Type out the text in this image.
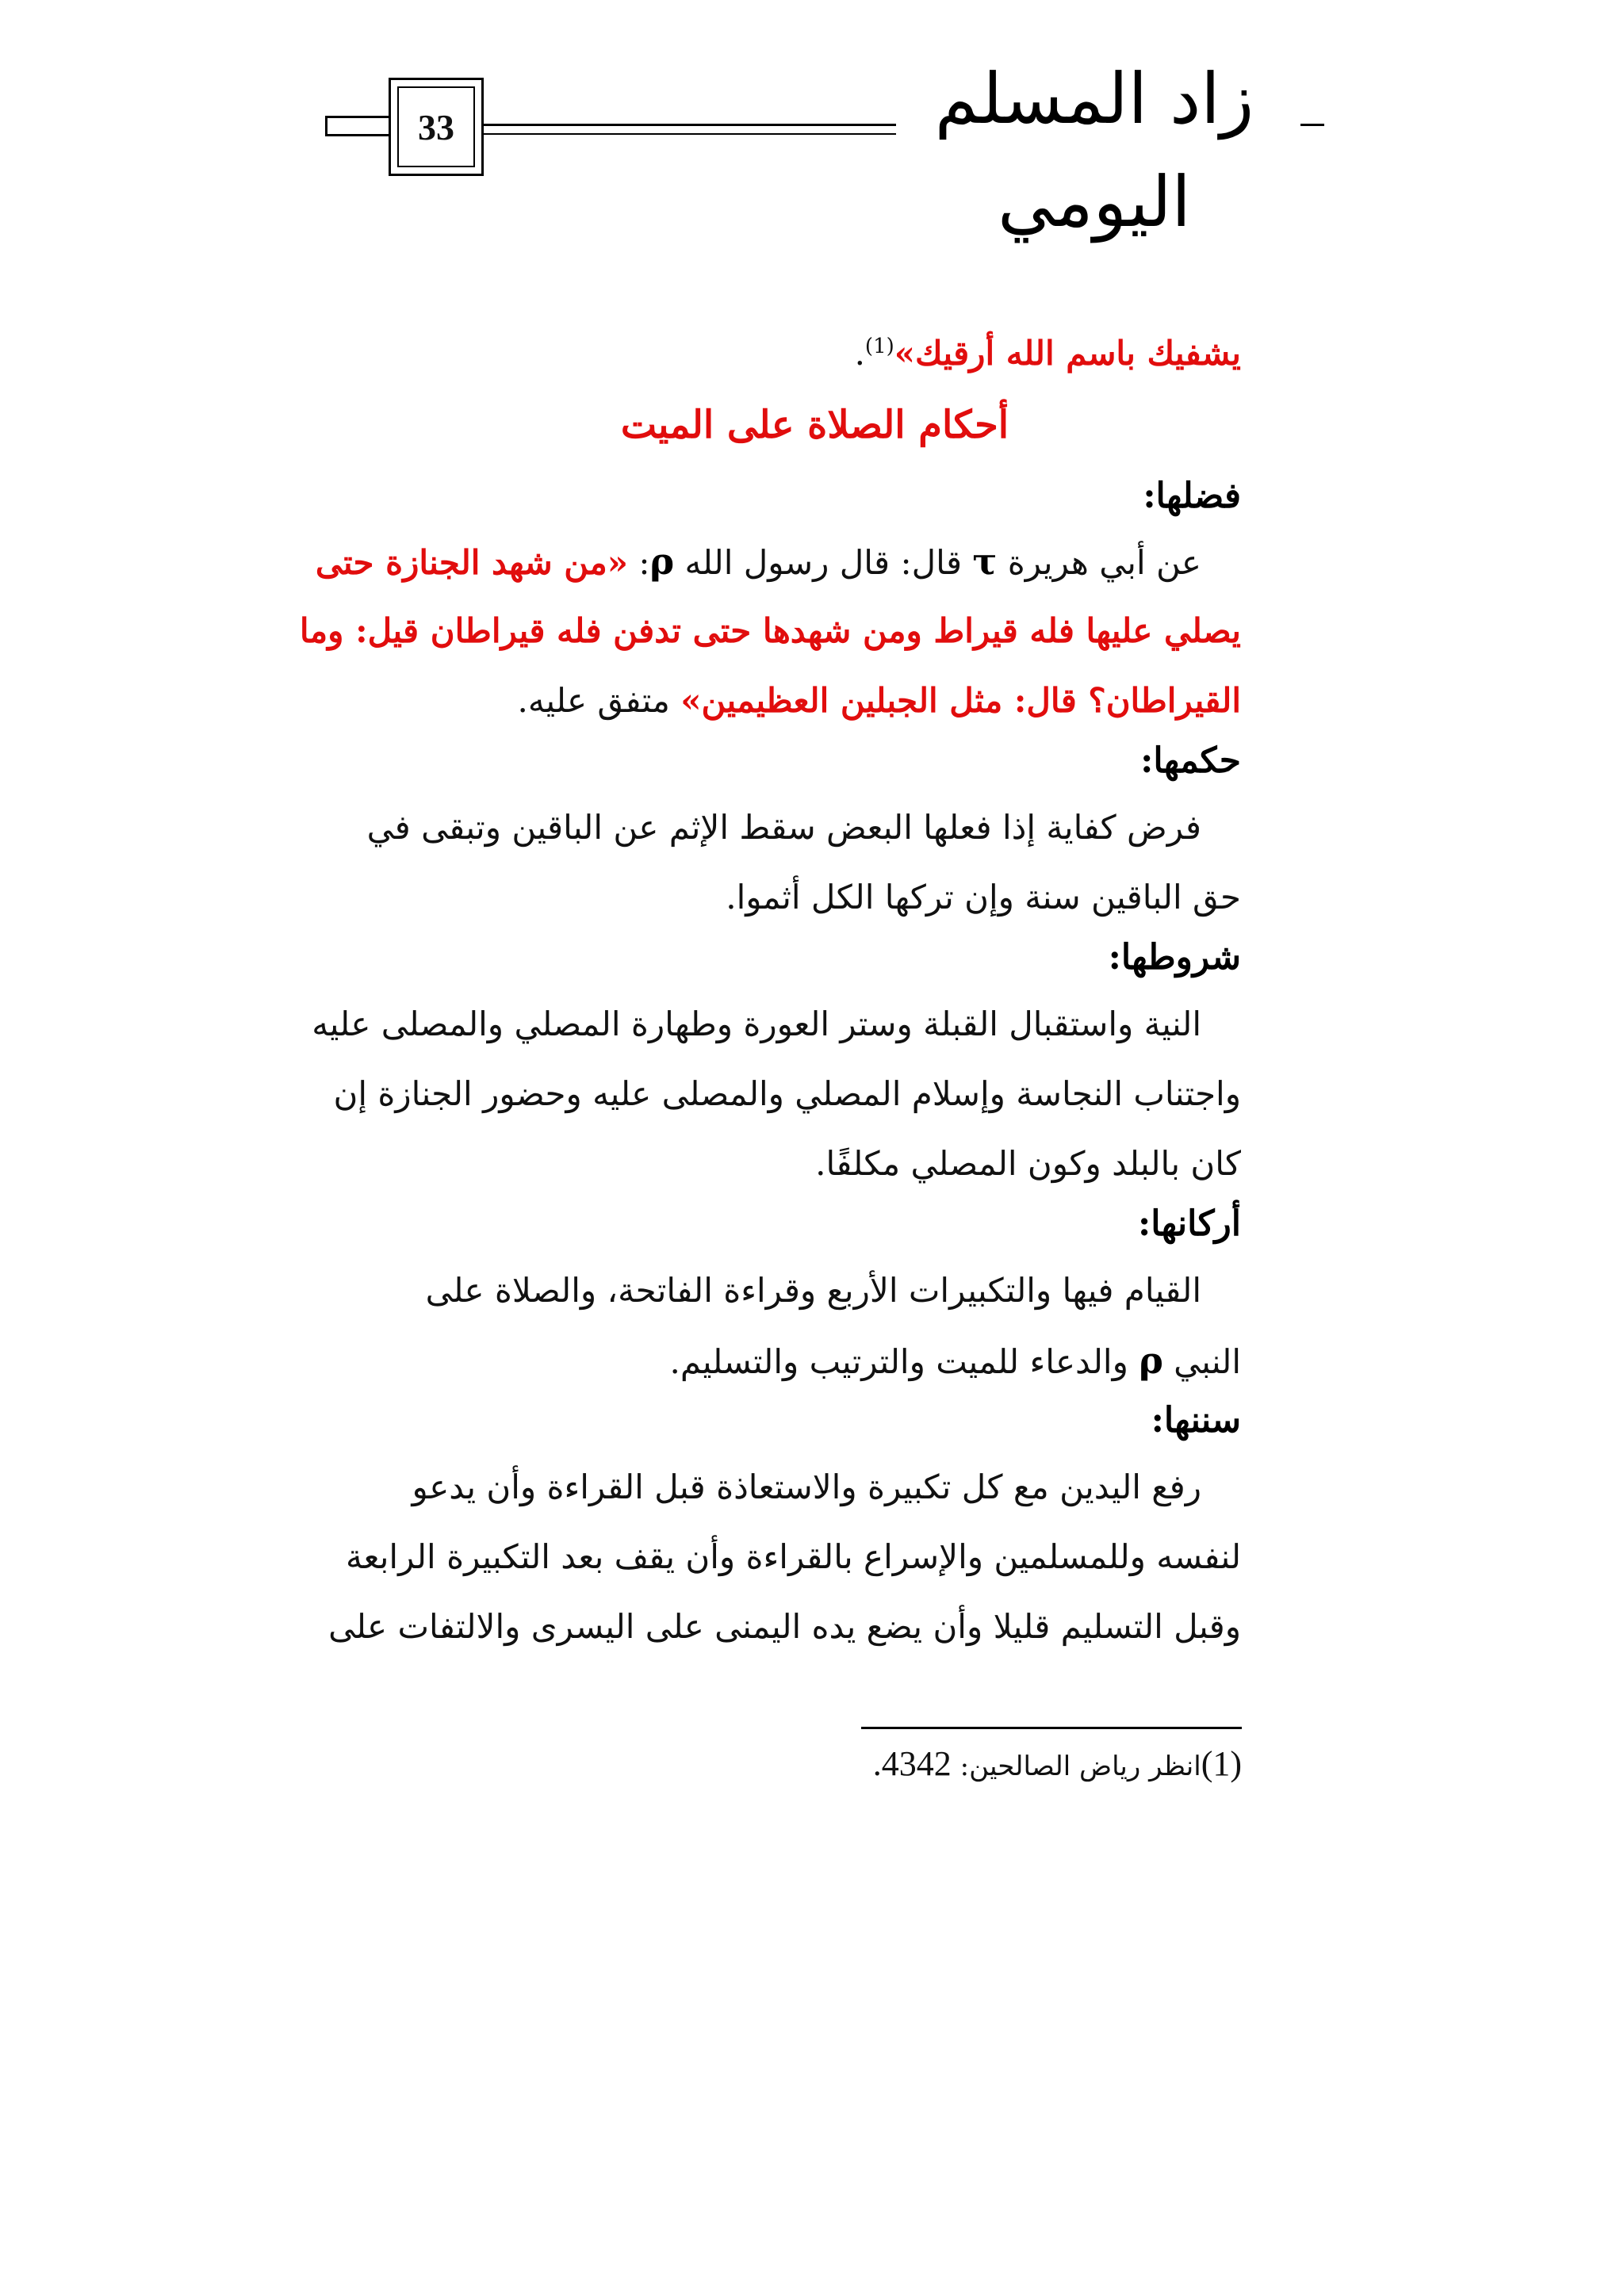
33	زاد المسلم اليومي
يشفيك باسم الله أرقيك»$^{(1)}$.
أحكام الصلاة على الميت
فضلها:
عن أبي هريرة τ قال: قال رسول الله ρ: «من شهد الجنازة حتى
يصلي عليها فله قيراط ومن شهدها حتى تدفن فله قيراطان قيل: وما
القيراطان؟ قال: مثل الجبلين العظيمين» متفق عليه.
حكمها:
فرض كفاية إذا فعلها البعض سقط الإثم عن الباقين وتبقى في
حق الباقين سنة وإن تركها الكل أثموا.
شروطها:
النية واستقبال القبلة وستر العورة وطهارة المصلي والمصلى عليه
واجتناب النجاسة وإسلام المصلي والمصلى عليه وحضور الجنازة إن
كان بالبلد وكون المصلي مكلفًا.
أركانها:
القيام فيها والتكبيرات الأربع وقراءة الفاتحة، والصلاة على
النبي ρ والدعاء للميت والترتيب والتسليم.
سننها:
رفع اليدين مع كل تكبيرة والاستعاذة قبل القراءة وأن يدعو
لنفسه وللمسلمين والإسراع بالقراءة وأن يقف بعد التكبيرة الرابعة
وقبل التسليم قليلا وأن يضع يده اليمنى على اليسرى والالتفات على
(1)انظر رياض الصالحين: 4342.
